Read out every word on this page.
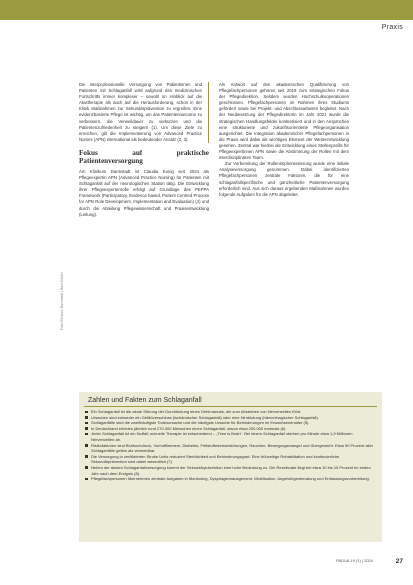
Praxis

Die interprofessionelle Versorgung von Patientinnen und Patienten mit Schlaganfall wird aufgrund des medizinischen Fortschritts immer komplexer – sowohl im Hinblick auf die Akuttherapie als auch auf die Herausforderung, schon in der Klinik Maßnahmen zur Sekundärprävention zu ergreifen. Eine evidenzbasierte Pflege ist wichtig, um das Patientenoutcome zu verbessern, die Verweildauer zu verkürzen und die Patientenzufriedenheit zu steigern (1). Um diese Ziele zu erreichen, gilt die Implementierung von Advanced Practice Nurses (APN) international als bedeutender Ansatz (2, 3).

Fokus auf praktische Patientenversorgung

Am Klinikum Darmstadt ist Claudia Konig seit 2024 als Pflegeexpertin APN (Advanced Practice Nursing) für Patienten mit Schlaganfall auf der neurologischen Station tätig. Die Entwicklung ihrer Pflegeexpertenrolle erfolgt auf Grundlage des PEPPA Framework (Participatory, Evidence based, Patient Centred Process for APN Role Development, Implementation and Evaluation) (4) und durch die Abteilung Pflegewissenschaft und Praxisentwicklung (Leitung).

Als Antwort auf den akademischen Qualifizierung von Pflegefachpersonen gehören seit 2019 zum strategischen Fokus der Pflegedirektion. Seitdem wurden Hochschulkooperationen geschlossen, Pflegefachpersonen im Rahmen ihres Studiums gefördert sowie bei Projekt- und Abschlussarbeiten begleitet. Nach der Neubesetzung der Pflegedirektorin im Jahr 2021 wurde die strategischen Handlungsfelder konkretisiert und in den Ansprüchen eine strukturierte und zukunftsorientierte Pflegeorganisation ausgerichtet. Die Integration akademischer Pflegefachpersonen in die Praxis wird dabei als wichtiges Element der Weiterentwicklung gesehen. Zentral war hierbei die Entwicklung eines Stellenprofils für Pflegeexpertinnen APN sowie die Abstimmung der Rollen mit dem interdisziplinären Team.

Zur Vorbereitung der Rollenimplementierung wurde eine initiale Analyseversorgung genommen. Dabei identifizierten Pflegefachpersonen zentrale Faktoren, die für eine schlaganfallspezifische und ganzheitliche Patientenversorgung erforderlich sind. Aus sich daraus ergebenden Maßnahmen wurden folgende Aufgaben für die APN abgeleitet.

Foto: Klinikum Darmstadt | Hans Köhler
Zahlen und Fakten zum Schlaganfall
Ein Schlaganfall ist die akute Störung der Durchblutung eines Gehirnareals, die zum Absterben von Nervenzellen führt.
Ursachen sind entweder ein Gefäßverschluss (ischämischer Schlaganfall) oder eine Hirnblutung (hämorrhagischer Schlaganfall).
Schlaganfälle sind die zweithäufigste Todesursache und die häufigste Ursache für Behinderungen im Erwachsenenalter (5).
In Deutschland erleiden jährlich rund 270.000 Menschen einen Schlaganfall, davon etwa 200.000 erstmals (6).
Jeder Schlaganfall ist ein Notfall; schnelle Therapie ist entscheidend – „Time is Brain“. Bei einem Schlaganfall sterben pro Minute etwa 1,9 Millionen Nervenzellen ab.
Risikofaktoren sind Bluthochdruck, Vorhofflimmern, Diabetes, Fettstoffwechselstörungen, Rauchen, Bewegungsmangel und Übergewicht. Etwa 90 Prozent aller Schlaganfälle gelten als vermeidbar.
Die Versorgung in zertifizierten Stroke Units reduziert Sterblichkeit und Behinderungsgrad. Eine frühzeitige Rehabilitation und kontinuierliche Sekundärprävention sind dabei wesentlich (7).
Neben der akuten Schlaganfallversorgung kommt der Sekundärprävention eine hohe Bedeutung zu. Die Rezidivrate liegt bei etwa 10 bis 15 Prozent im ersten Jahr nach dem Ereignis (8).
Pflegefachpersonen übernehmen zentrale Aufgaben in Monitoring, Dysphagiemanagement, Mobilisation, Angehörigenberatung und Entlassungsvorbereitung.
PADUA 19 (1) | 2024	27
